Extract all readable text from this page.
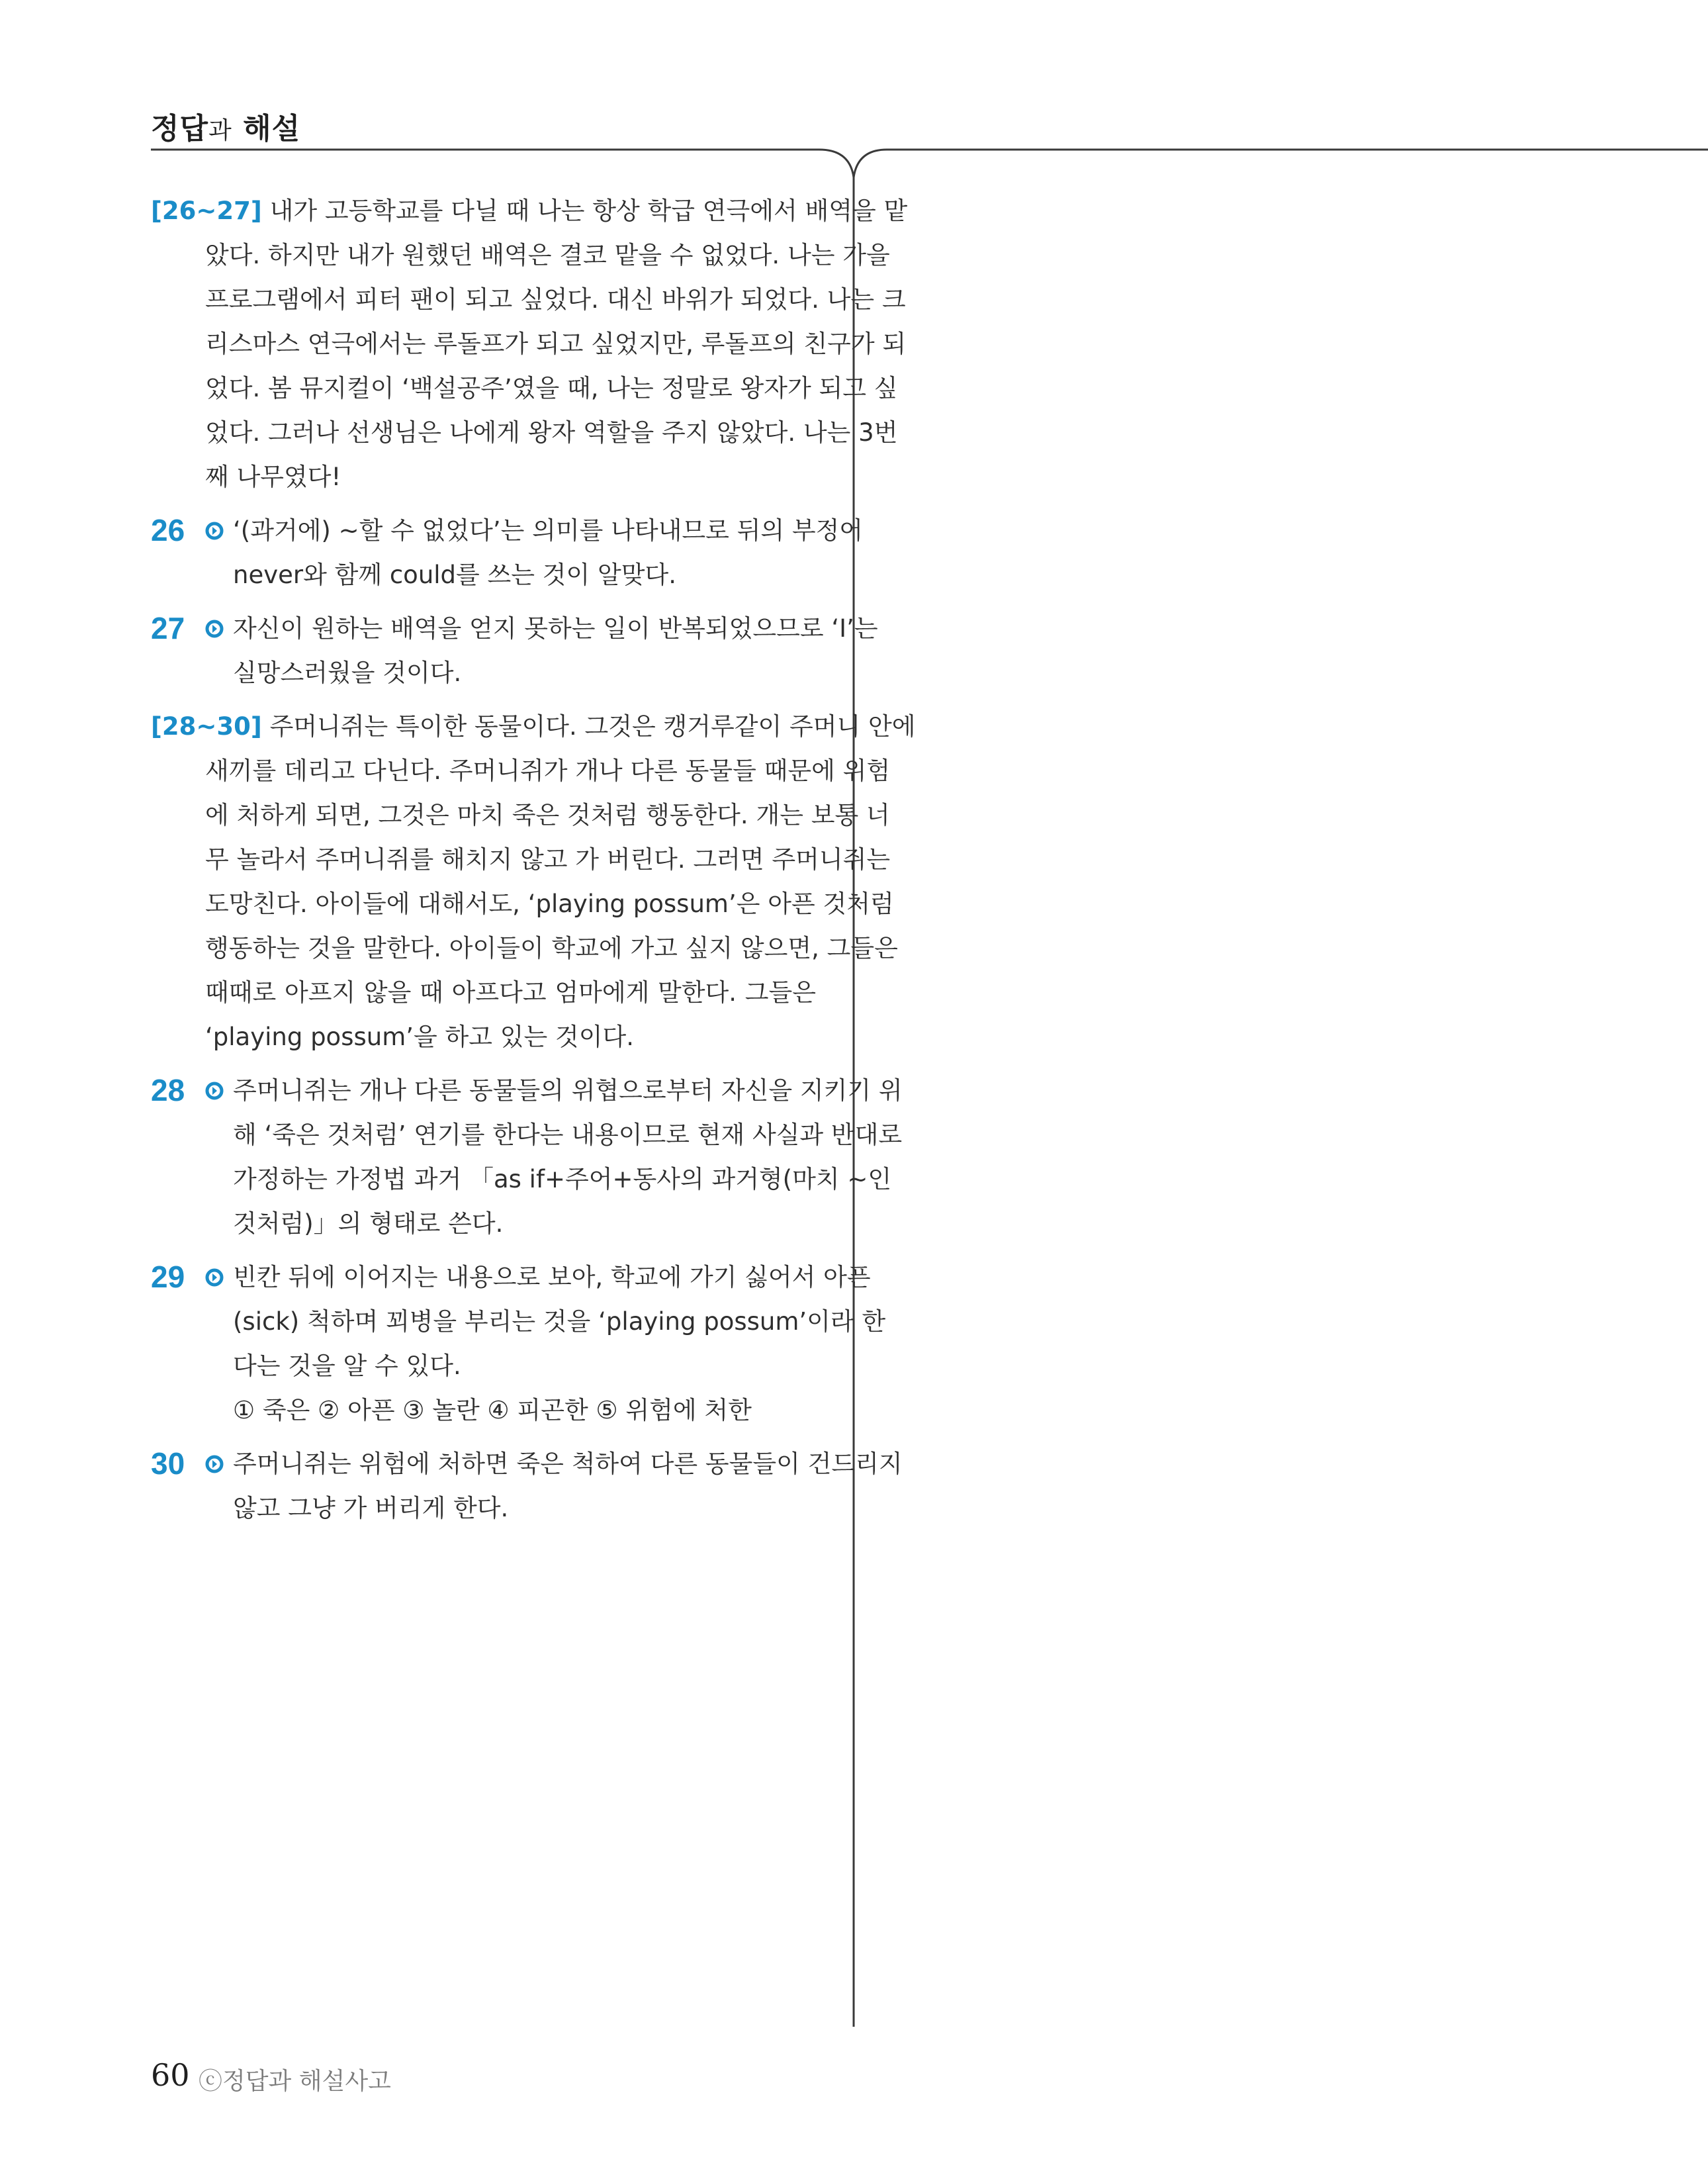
정답과 해설
[26~27] 내가 고등학교를 다닐 때 나는 항상 학급 연극에서 배역을 맡
았다. 하지만 내가 원했던 배역은 결코 맡을 수 없었다. 나는 가을
프로그램에서 피터 팬이 되고 싶었다. 대신 바위가 되었다. 나는 크
리스마스 연극에서는 루돌프가 되고 싶었지만, 루돌프의 친구가 되
었다. 봄 뮤지컬이 ‘백설공주’였을 때, 나는 정말로 왕자가 되고 싶
었다. 그러나 선생님은 나에게 왕자 역할을 주지 않았다. 나는 3번
째 나무였다!
26	‘(과거에) ~할 수 없었다’는 의미를 나타내므로 뒤의 부정어
never와 함께 could를 쓰는 것이 알맞다.
27	자신이 원하는 배역을 얻지 못하는 일이 반복되었으므로 ‘I’는
실망스러웠을 것이다.
[28~30] 주머니쥐는 특이한 동물이다. 그것은 캥거루같이 주머니 안에
새끼를 데리고 다닌다. 주머니쥐가 개나 다른 동물들 때문에 위험
에 처하게 되면, 그것은 마치 죽은 것처럼 행동한다. 개는 보통 너
무 놀라서 주머니쥐를 해치지 않고 가 버린다. 그러면 주머니쥐는
도망친다. 아이들에 대해서도, ‘playing possum’은 아픈 것처럼
행동하는 것을 말한다. 아이들이 학교에 가고 싶지 않으면, 그들은
때때로 아프지 않을 때 아프다고 엄마에게 말한다. 그들은
‘playing possum’을 하고 있는 것이다.
28	주머니쥐는 개나 다른 동물들의 위협으로부터 자신을 지키기 위
해 ‘죽은 것처럼’ 연기를 한다는 내용이므로 현재 사실과 반대로
가정하는 가정법 과거 「as if+주어+동사의 과거형(마치 ~인
것처럼)」의 형태로 쓴다.
29	빈칸 뒤에 이어지는 내용으로 보아, 학교에 가기 싫어서 아픈
(sick) 척하며 꾀병을 부리는 것을 ‘playing possum’이라 한
다는 것을 알 수 있다.
① 죽은 ② 아픈 ③ 놀란 ④ 피곤한 ⑤ 위험에 처한
30	주머니쥐는 위험에 처하면 죽은 척하여 다른 동물들이 건드리지
않고 그냥 가 버리게 한다.
60 ⓒ정답과 해설사고
